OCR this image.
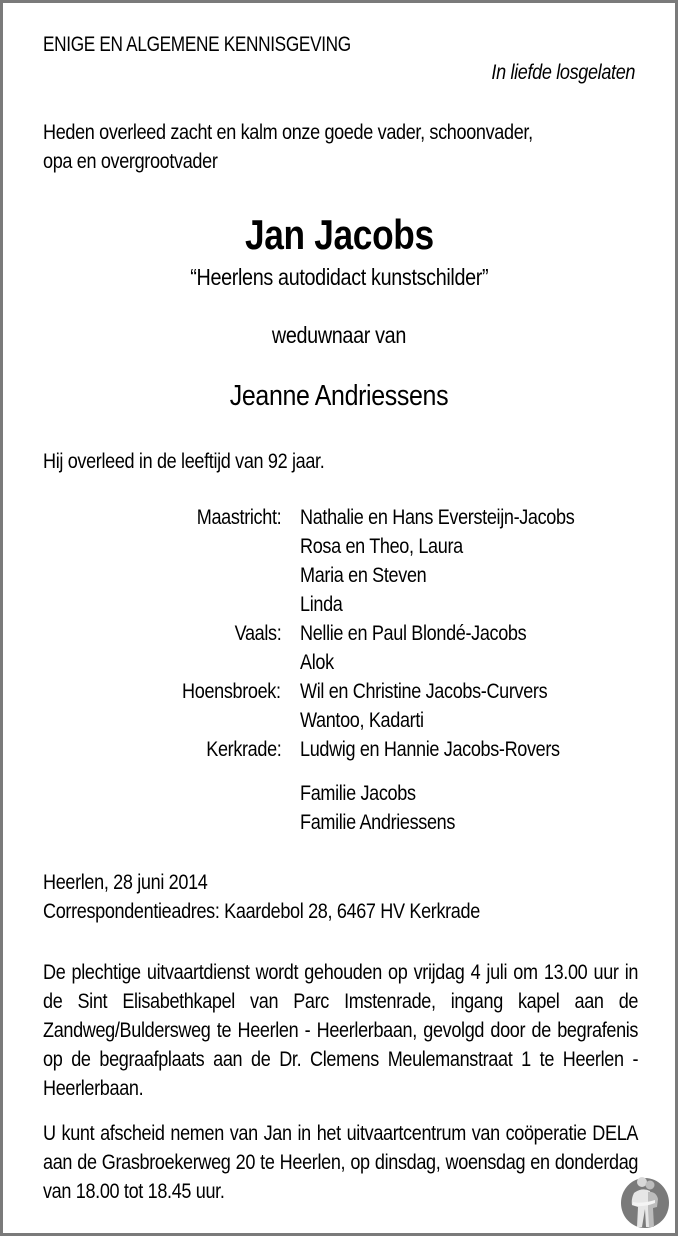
ENIGE EN ALGEMENE KENNISGEVING
In liefde losgelaten
Heden overleed zacht en kalm onze goede vader, schoonvader,
opa en overgrootvader
Jan Jacobs
“Heerlens autodidact kunstschilder”
weduwnaar van
Jeanne Andriessens
Hij overleed in de leeftijd van 92 jaar.
Maastricht: Nathalie en Hans Eversteijn-Jacobs
Rosa en Theo, Laura
Maria en Steven
Linda
Vaals: Nellie en Paul Blondé-Jacobs
Alok
Hoensbroek: Wil en Christine Jacobs-Curvers
Wantoo, Kadarti
Kerkrade: Ludwig en Hannie Jacobs-Rovers
Familie Jacobs
Familie Andriessens
Heerlen, 28 juni 2014
Correspondentieadres: Kaardebol 28, 6467 HV Kerkrade
De plechtige uitvaartdienst wordt gehouden op vrijdag 4 juli om 13.00 uur in de Sint Elisabethkapel van Parc Imstenrade, ingang kapel aan de Zandweg/Buldersweg te Heerlen - Heerlerbaan, gevolgd door de begrafenis op de begraafplaats aan de Dr. Clemens Meulemanstraat 1 te Heerlen - Heerlerbaan.
U kunt afscheid nemen van Jan in het uitvaartcentrum van coöperatie DELA aan de Grasbroekerweg 20 te Heerlen, op dinsdag, woensdag en donderdag van 18.00 tot 18.45 uur.
